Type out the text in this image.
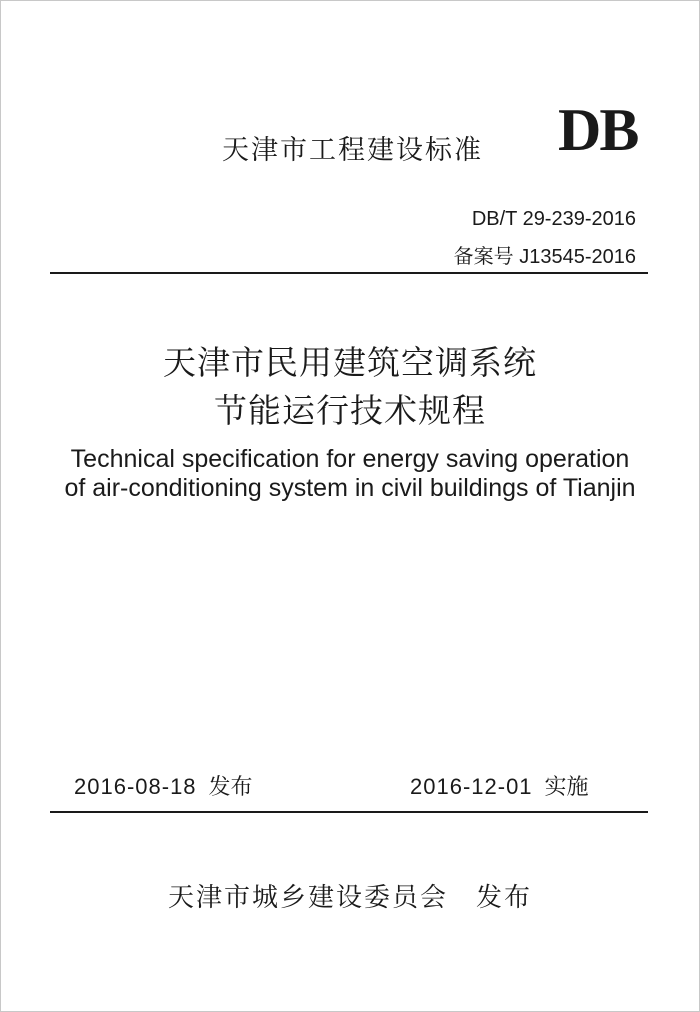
天津市工程建设标准 DB
DB/T 29-239-2016
备案号 J13545-2016
天津市民用建筑空调系统
节能运行技术规程
Technical specification for energy saving operation
of air-conditioning system in civil buildings of Tianjin
2016-08-18 发布	2016-12-01 实施
天津市城乡建设委员会　发布
